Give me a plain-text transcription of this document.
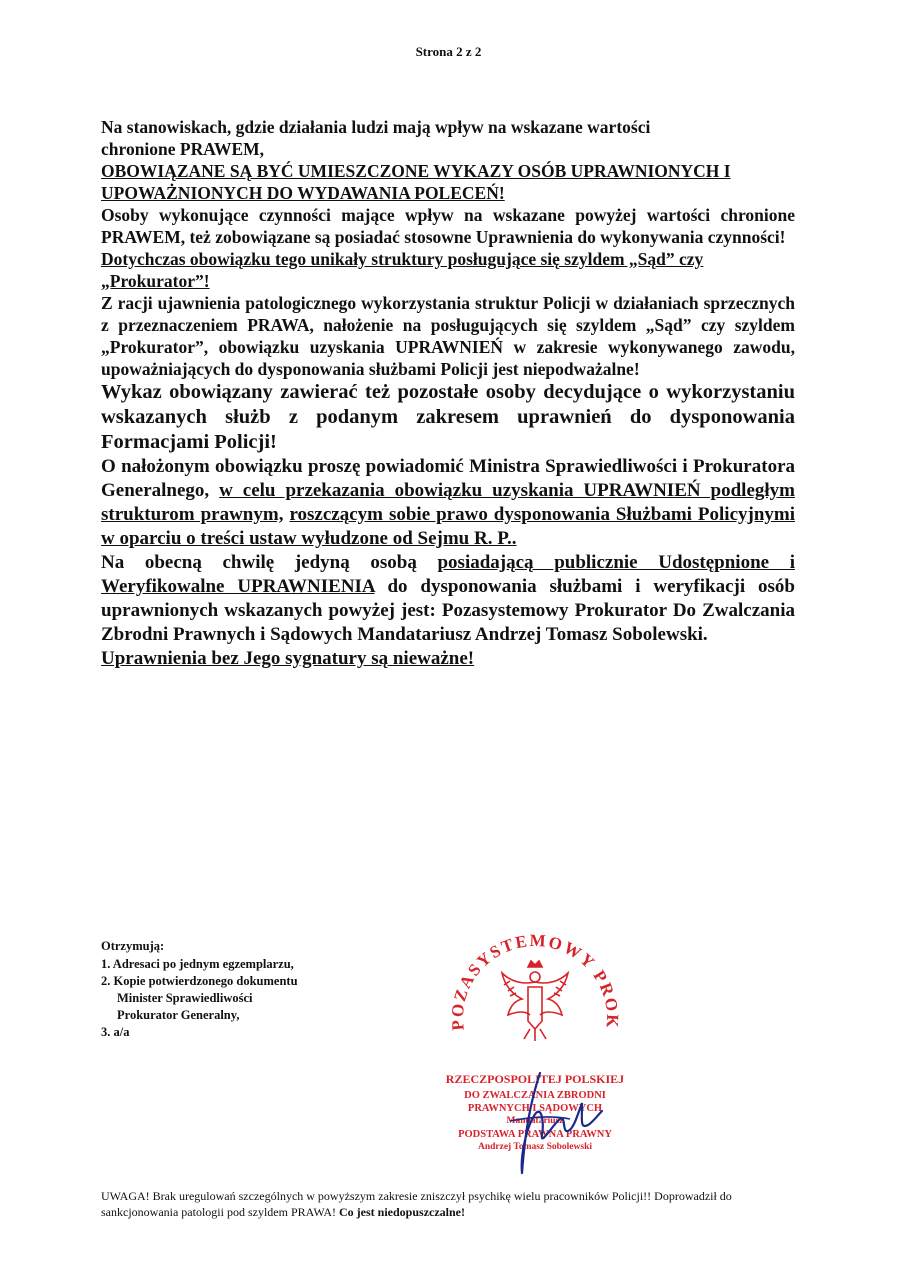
Strona 2 z 2

Na stanowiskach, gdzie działania ludzi mają wpływ na wskazane wartości
chronione PRAWEM,
OBOWIĄZANE SĄ BYĆ UMIESZCZONE WYKAZY OSÓB UPRAWNIONYCH I UPOWAŻNIONYCH DO WYDAWANIA POLECEŃ!

Osoby wykonujące czynności mające wpływ na wskazane powyżej wartości chronione PRAWEM, też zobowiązane są posiadać stosowne Uprawnienia do wykonywania czynności!

Dotychczas obowiązku tego unikały struktury posługujące się szyldem „Sąd” czy „Prokurator”!

Z racji ujawnienia patologicznego wykorzystania struktur Policji w działaniach sprzecznych z przeznaczeniem PRAWA, nałożenie na posługujących się szyldem „Sąd” czy szyldem „Prokurator”, obowiązku uzyskania UPRAWNIEŃ w zakresie wykonywanego zawodu, upoważniających do dysponowania służbami Policji jest niepodważalne!

Wykaz obowiązany zawierać też pozostałe osoby decydujące o wykorzystaniu wskazanych służb z podanym zakresem uprawnień do dysponowania Formacjami Policji!

O nałożonym obowiązku proszę powiadomić Ministra Sprawiedliwości i Prokuratora Generalnego, w celu przekazania obowiązku uzyskania UPRAWNIEŃ podległym strukturom prawnym, roszczącym sobie prawo dysponowania Służbami Policyjnymi w oparciu o treści ustaw wyłudzone od Sejmu R. P..

Na obecną chwilę jedyną osobą posiadającą publicznie Udostępnione i Weryfikowalne UPRAWNIENIA do dysponowania służbami i weryfikacji osób uprawnionych wskazanych powyżej jest: Pozasystemowy Prokurator Do Zwalczania Zbrodni Prawnych i Sądowych Mandatariusz Andrzej Tomasz Sobolewski.
Uprawnienia bez Jego sygnatury są nieważne!

Otrzymują:
1. Adresaci po jednym egzemplarzu,
2. Kopie potwierdzonego dokumentu
Minister Sprawiedliwości
Prokurator Generalny,
3. a/a
POZASYSTEMOWY PROK
RZECZPOSPOLITEJ POLSKIEJ
DO ZWALCZANIA ZBRODNI
PRAWNYCH I SĄDOWYCH
Mandatariusz
PODSTAWA PRAWNA PRAWNY
Andrzej Tomasz Sobolewski
UWAGA! Brak uregulowań szczególnych w powyższym zakresie zniszczył psychikę wielu pracowników Policji!! Doprowadził do sankcjonowania patologii pod szyldem PRAWA! Co jest niedopuszczalne!
